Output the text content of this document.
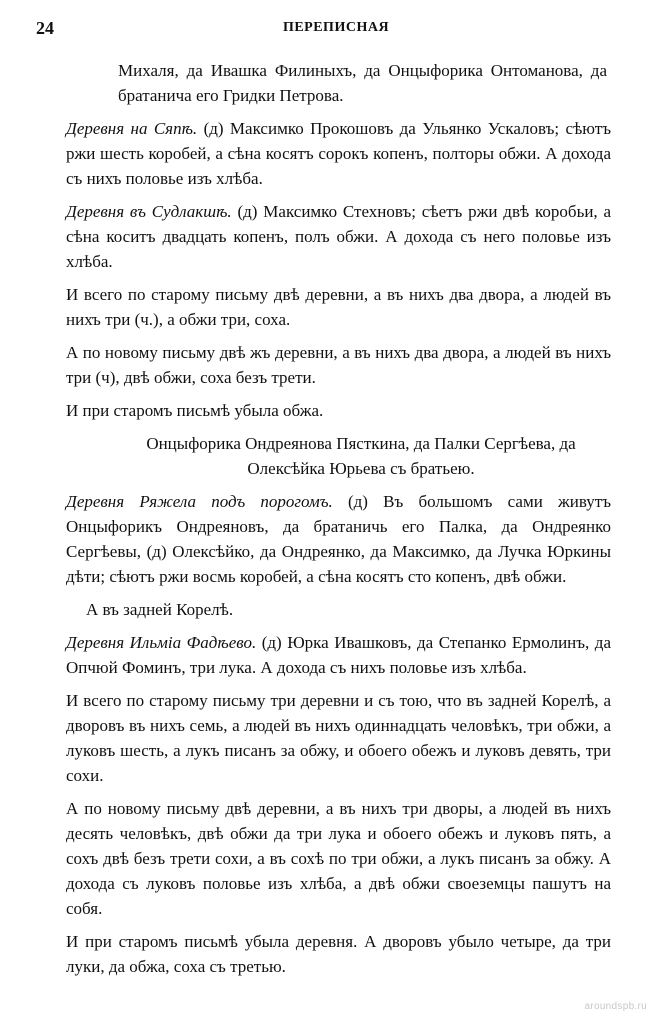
24	ПЕРЕПИСНАЯ

Михаля, да Ивашка Филиныхъ, да Онцыфорика Онтоманова, да братанича его Гридки Петрова.

Деревня на Сяпѣ. (д) Максимко Прокошовъ да Ульянко Ускаловъ; сѣютъ ржи шесть коробей, а сѣна косятъ сорокъ копенъ, полторы обжи. А дохода съ нихъ половье изъ хлѣба.

Деревня въ Судлакшѣ. (д) Максимко Стехновъ; сѣетъ ржи двѣ коробьи, а сѣна коситъ двадцать копенъ, полъ обжи. А дохода съ него половье изъ хлѣба.

И всего по старому письму двѣ деревни, а въ нихъ два двора, а людей въ нихъ три (ч.), а обжи три, соха.

А по новому письму двѣ жъ деревни, а въ нихъ два двора, а людей въ нихъ три (ч), двѣ обжи, соха безъ трети.

И при старомъ письмѣ убыла обжа.

Онцыфорика Ондреянова Пясткина, да Палки Сергѣева, да Олексѣйка Юрьева съ братьею.

Деревня Ряжела подъ порогомъ. (д) Въ большомъ сами живутъ Онцыфорикъ Ондреяновъ, да братаничь его Палка, да Ондреянко Сергѣевы, (д) Олексѣйко, да Ондреянко, да Максимко, да Лучка Юркины дѣти; сѣютъ ржи восмь коробей, а сѣна косятъ сто копенъ, двѣ обжи.

А въ задней Корелѣ.

Деревня Ильміа Фадѣево. (д) Юрка Ивашковъ, да Степанко Ермолинъ, да Опчюй Фоминъ, три лука. А дохода съ нихъ половье изъ хлѣба.

И всего по старому письму три деревни и съ тою, что въ задней Корелѣ, а дворовъ въ нихъ семь, а людей въ нихъ одиннадцать человѣкъ, три обжи, а луковъ шесть, а лукъ писанъ за обжу, и обоего обежъ и луковъ девять, три сохи.

А по новому письму двѣ деревни, а въ нихъ три дворы, а людей въ нихъ десять человѣкъ, двѣ обжи да три лука и обоего обежъ и луковъ пять, а сохъ двѣ безъ трети сохи, а въ сохѣ по три обжи, а лукъ писанъ за обжу. А дохода съ луковъ половье изъ хлѣба, а двѣ обжи своеземцы пашутъ на собя.

И при старомъ письмѣ убыла деревня. А дворовъ убыло четыре, да три луки, да обжа, соха съ третью.

aroundspb.ru
